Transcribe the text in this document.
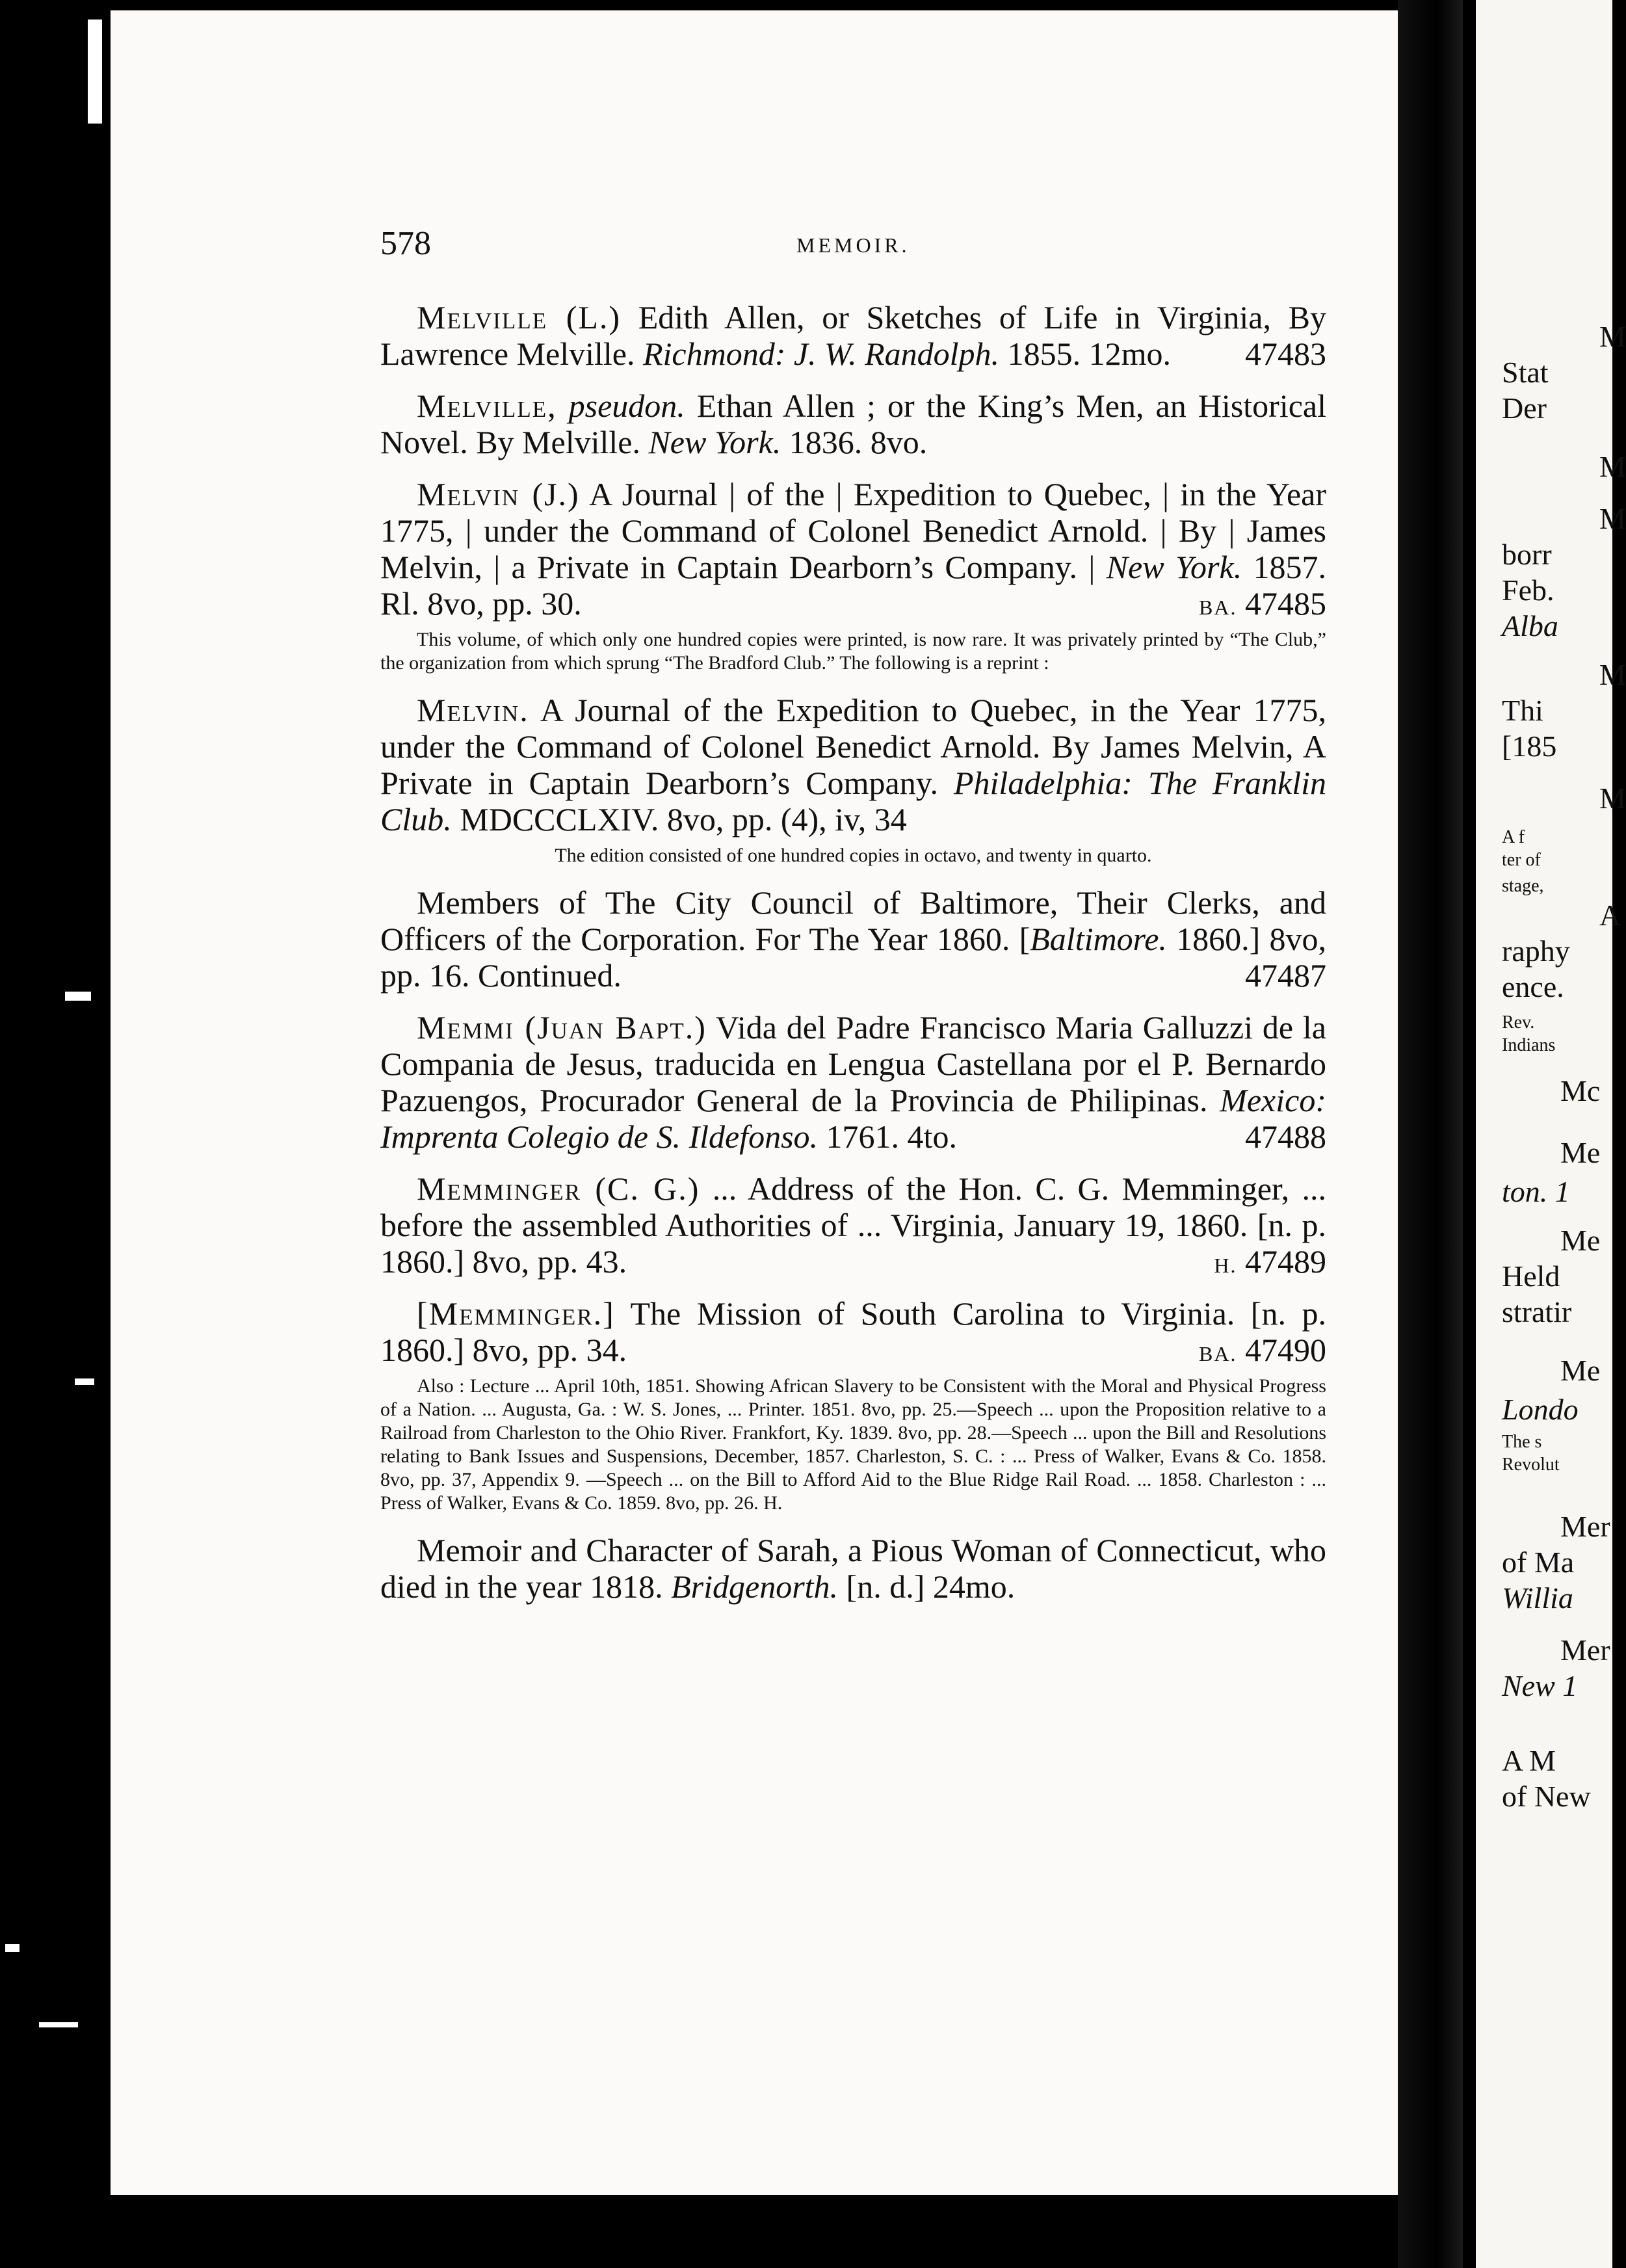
M
Stat
Der
M
M
borr
Feb.
Alba
M
Thi
[185
M
A f
ter of
stage,
A
raphy
ence.
Rev.
Indians
Mc
Me
ton. 1
Me
Held
stratir
Me
Londo
The s
Revolut
Mer
of Ma
Willia
Mer
New 1
A M
of New
578	MEMOIR.

Melville (L.) Edith Allen, or Sketches of Life in Virginia, By Lawrence Melville. Richmond: J. W. Randolph. 1855. 12mo.	47483

Melville, pseudon. Ethan Allen ; or the King’s Men, an Historical Novel. By Melville. New York. 1836. 8vo.

Melvin (J.) A Journal | of the | Expedition to Quebec, | in the Year 1775, | under the Command of Colonel Benedict Arnold. | By | James Melvin, | a Private in Captain Dearborn’s Company. | New York. 1857. Rl. 8vo, pp. 30.	BA. 47485

This volume, of which only one hundred copies were printed, is now rare. It was privately printed by “The Club,” the organization from which sprung “The Bradford Club.” The following is a reprint :

Melvin. A Journal of the Expedition to Quebec, in the Year 1775, under the Command of Colonel Benedict Arnold. By James Melvin, A Private in Captain Dearborn’s Company. Philadelphia: The Franklin Club. MDCCCLXIV. 8vo, pp. (4), iv, 34

The edition consisted of one hundred copies in octavo, and twenty in quarto.

Members of The City Council of Baltimore, Their Clerks, and Officers of the Corporation. For The Year 1860. [Baltimore. 1860.] 8vo, pp. 16. Continued.	47487

Memmi (Juan Bapt.) Vida del Padre Francisco Maria Galluzzi de la Compania de Jesus, traducida en Lengua Castellana por el P. Bernardo Pazuengos, Procurador General de la Provincia de Philipinas. Mexico: Imprenta Colegio de S. Ildefonso. 1761. 4to.	47488

Memminger (C. G.) ... Address of the Hon. C. G. Memminger, ... before the assembled Authorities of ... Virginia, January 19, 1860. [n. p. 1860.] 8vo, pp. 43.	H. 47489

[Memminger.] The Mission of South Carolina to Virginia. [n. p. 1860.] 8vo, pp. 34.	BA. 47490

Also : Lecture ... April 10th, 1851. Showing African Slavery to be Consistent with the Moral and Physical Progress of a Nation. ... Augusta, Ga. : W. S. Jones, ... Printer. 1851. 8vo, pp. 25.—Speech ... upon the Proposition relative to a Railroad from Charleston to the Ohio River. Frankfort, Ky. 1839. 8vo, pp. 28.—Speech ... upon the Bill and Resolutions relating to Bank Issues and Suspensions, December, 1857. Charleston, S. C. : ... Press of Walker, Evans & Co. 1858. 8vo, pp. 37, Appendix 9. —Speech ... on the Bill to Afford Aid to the Blue Ridge Rail Road. ... 1858. Charleston : ... Press of Walker, Evans & Co. 1859. 8vo, pp. 26. H.

Memoir and Character of Sarah, a Pious Woman of Connecticut, who died in the year 1818. Bridgenorth. [n. d.] 24mo.
